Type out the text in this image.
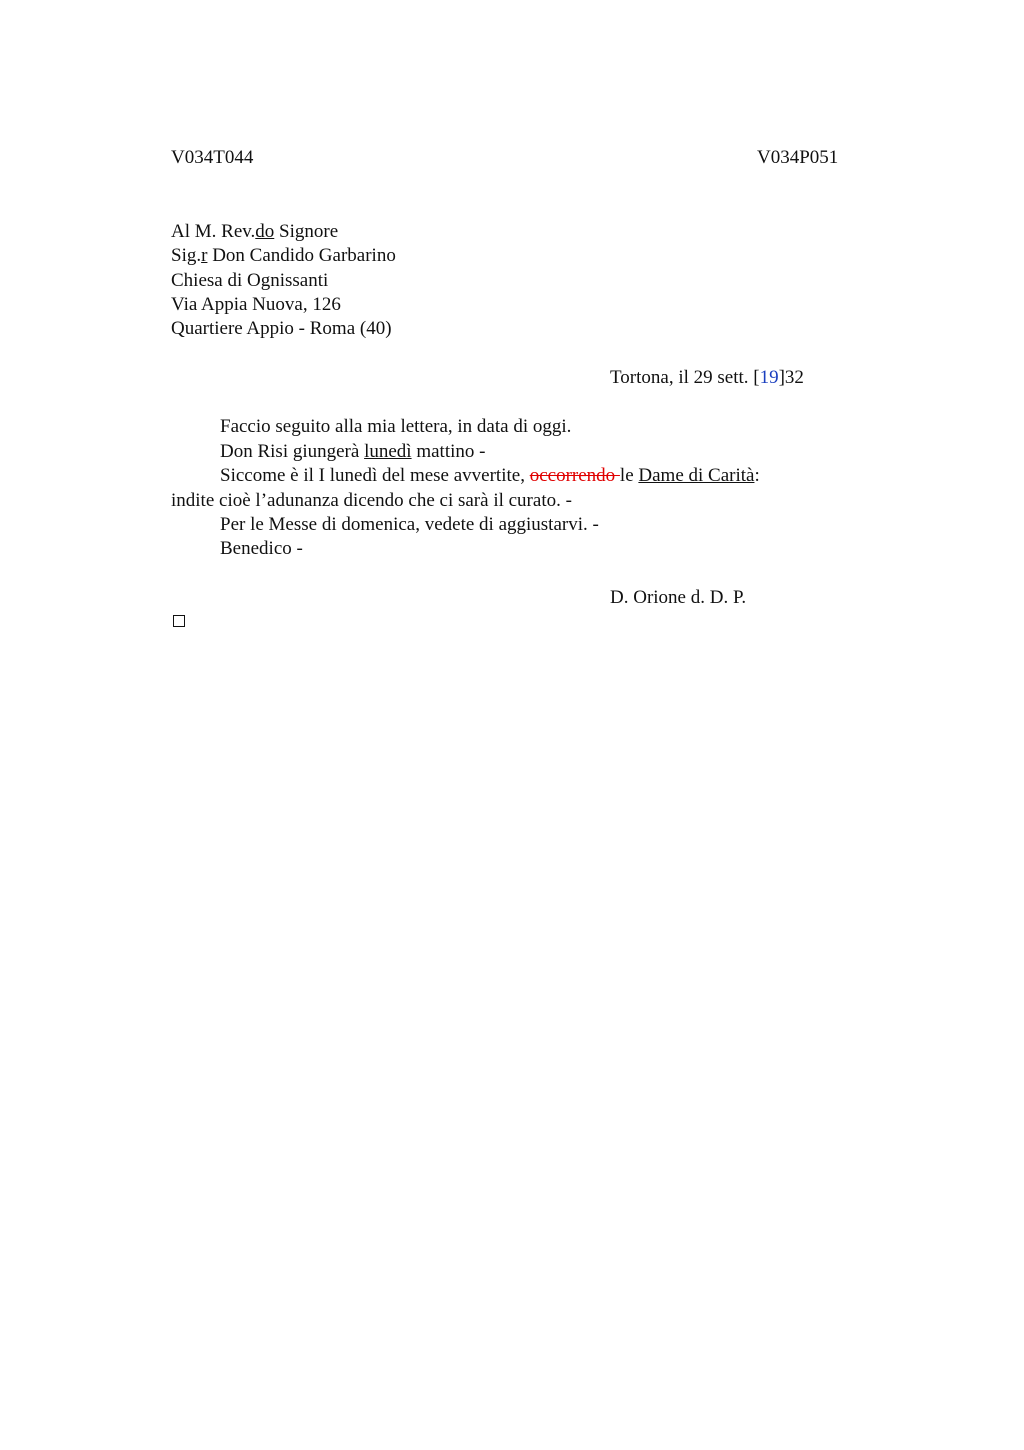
V034T044	V034P051
Al M. Rev.do Signore
Sig.r Don Candido Garbarino
Chiesa di Ognissanti
Via Appia Nuova, 126
Quartiere Appio - Roma (40)
Tortona, il 29 sett. [19]32
Faccio seguito alla mia lettera, in data di oggi.
Don Risi giungerà lunedì mattino -
Siccome è il I lunedì del mese avvertite, occorrendo le Dame di Carità:
indite cioè l’adunanza dicendo che ci sarà il curato. -
Per le Messe di domenica, vedete di aggiustarvi. -
Benedico -
D. Orione d. D. P.
